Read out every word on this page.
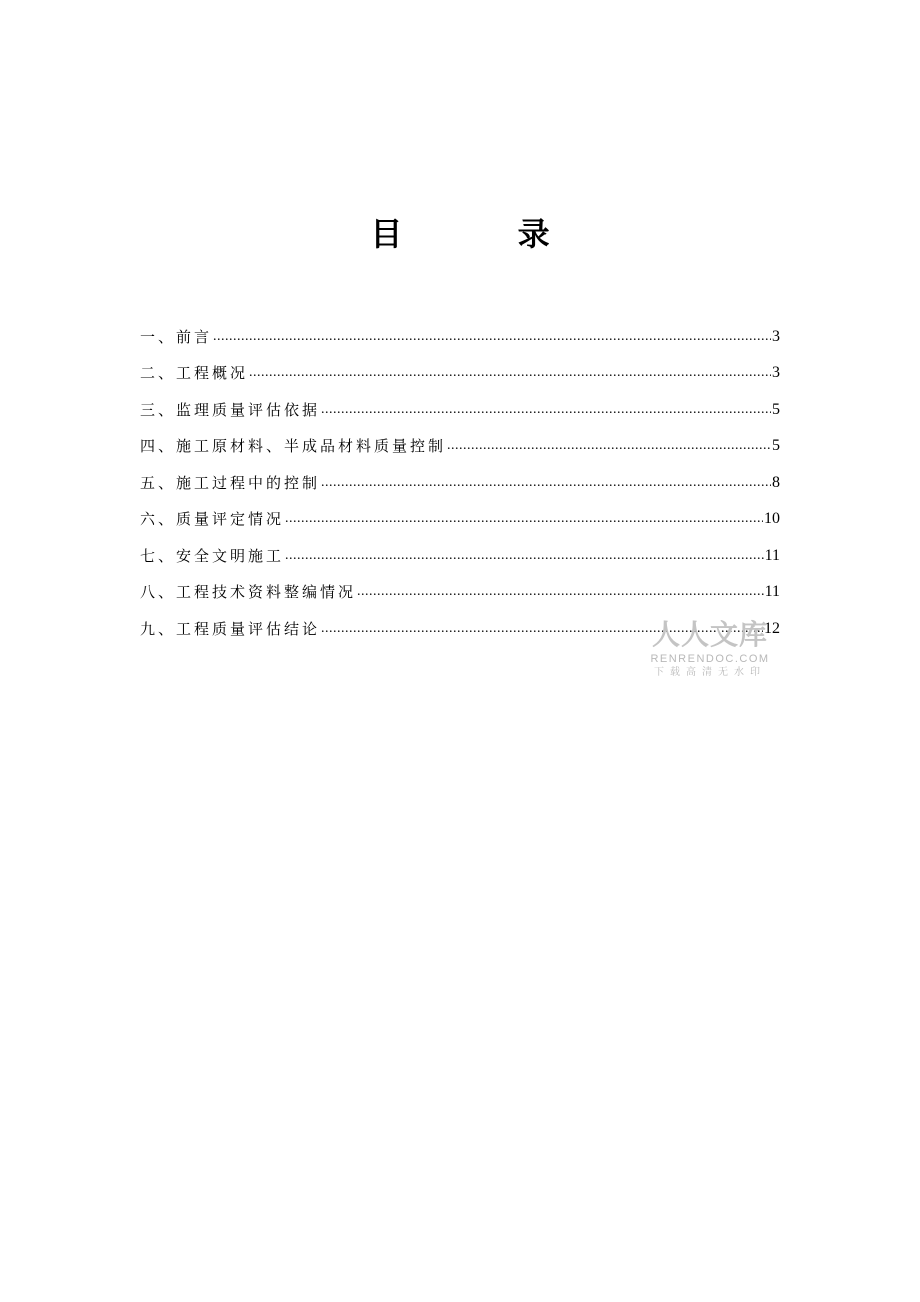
目 录
一、前言 .....	3
二、工程概况 .....	3
三、监理质量评估依据 .....	5
四、施工原材料、半成品材料质量控制 .....	5
五、施工过程中的控制 .....	8
六、质量评定情况 .....	10
七、安全文明施工 .....	11
八、工程技术资料整编情况 .....	11
九、工程质量评估结论 .....	12
人人文库
RENRENDOC.COM
下载高清无水印
